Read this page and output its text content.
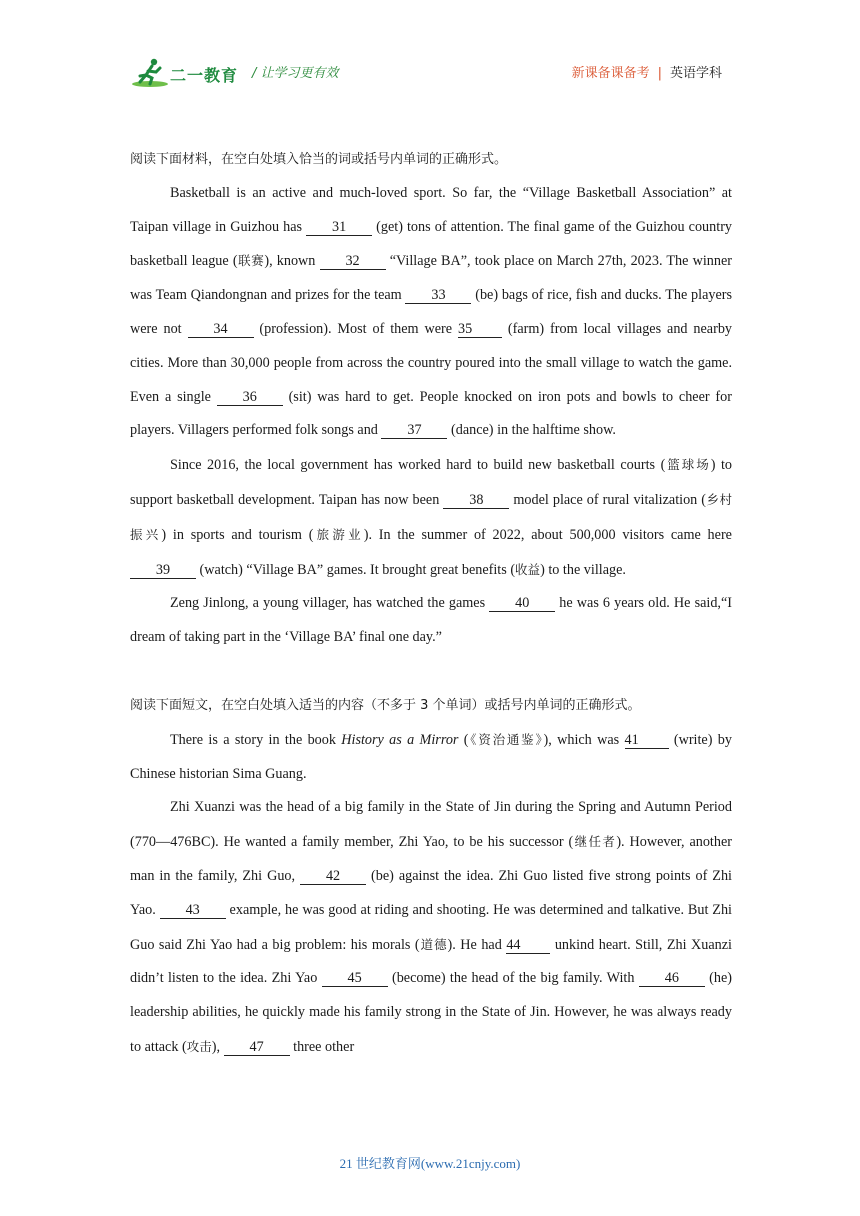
二一教育 / 让学习更有效	新课备课备考 | 英语学科

阅读下面材料，在空白处填入恰当的词或括号内单词的正确形式。

Basketball is an active and much-loved sport. So far, the “Village Basketball Association” at Taipan village in Guizhou has 31 (get) tons of attention. The final game of the Guizhou country basketball league (联赛), known 32 “Village BA”, took place on March 27th, 2023. The winner was Team Qiandongnan and prizes for the team 33 (be) bags of rice, fish and ducks. The players were not 34 (profession). Most of them were 35 (farm) from local villages and nearby cities. More than 30,000 people from across the country poured into the small village to watch the game. Even a single 36 (sit) was hard to get. People knocked on iron pots and bowls to cheer for players. Villagers performed folk songs and 37 (dance) in the halftime show.

Since 2016, the local government has worked hard to build new basketball courts (篮球场) to support basketball development. Taipan has now been 38 model place of rural vitalization (乡村振兴) in sports and tourism (旅游业). In the summer of 2022, about 500,000 visitors came here 39 (watch) “Village BA” games. It brought great benefits (收益) to the village.

Zeng Jinlong, a young villager, has watched the games 40 he was 6 years old. He said,“I dream of taking part in the ‘Village BA’ final one day.”

阅读下面短文，在空白处填入适当的内容（不多于 3 个单词）或括号内单词的正确形式。

There is a story in the book History as a Mirror (《资治通鉴》), which was 41 (write) by Chinese historian Sima Guang.

Zhi Xuanzi was the head of a big family in the State of Jin during the Spring and Autumn Period (770—476BC). He wanted a family member, Zhi Yao, to be his successor (继任者). However, another man in the family, Zhi Guo, 42 (be) against the idea. Zhi Guo listed five strong points of Zhi Yao. 43 example, he was good at riding and shooting. He was determined and talkative. But Zhi Guo said Zhi Yao had a big problem: his morals (道德). He had 44 unkind heart. Still, Zhi Xuanzi didn’t listen to the idea. Zhi Yao 45 (become) the head of the big family. With 46 (he) leadership abilities, he quickly made his family strong in the State of Jin. However, he was always ready to attack (攻击), 47 three other

21 世纪教育网(www.21cnjy.com)
